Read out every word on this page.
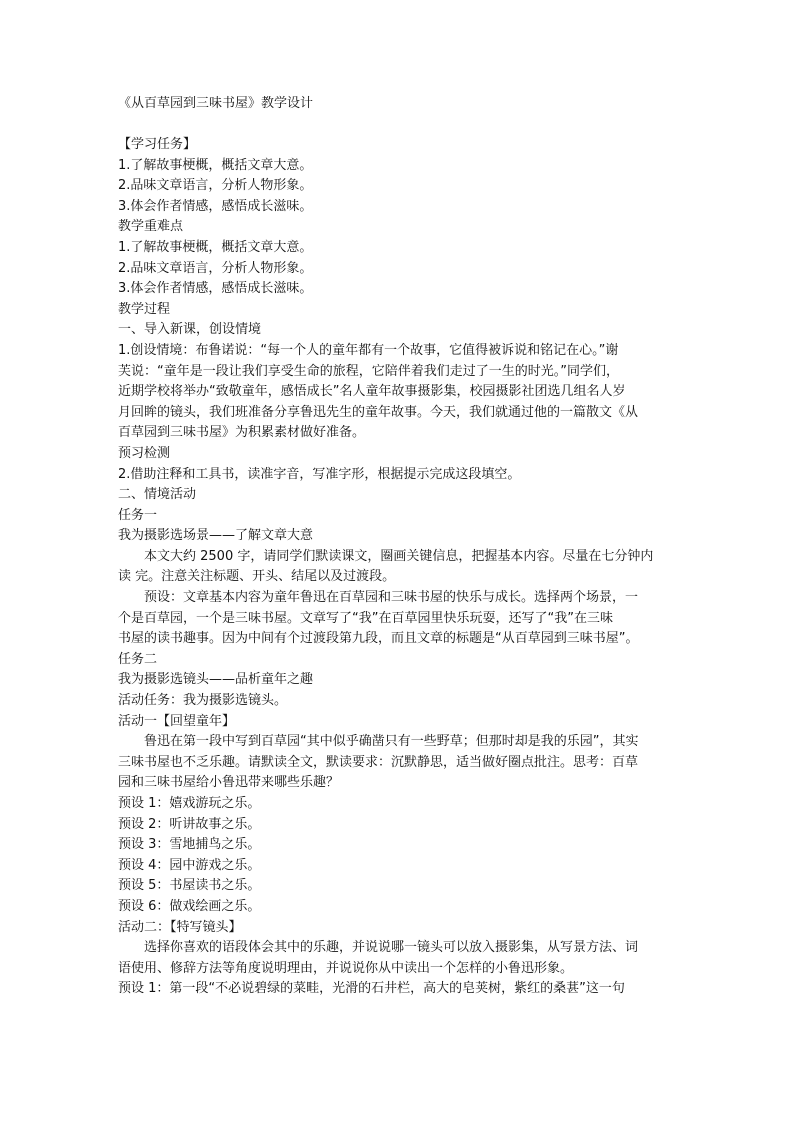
《从百草园到三味书屋》教学设计

【学习任务】

1.了解故事梗概，概括文章大意。

2.品味文章语言，分析人物形象。

3.体会作者情感，感悟成长滋味。

教学重难点

1.了解故事梗概，概括文章大意。

2.品味文章语言，分析人物形象。

3.体会作者情感，感悟成长滋味。

教学过程

一、导入新课，创设情境

1.创设情境：布鲁诺说：“每一个人的童年都有一个故事，它值得被诉说和铭记在心。”谢

芙说：“童年是一段让我们享受生命的旅程，它陪伴着我们走过了一生的时光。”同学们，

近期学校将举办“致敬童年，感悟成长”名人童年故事摄影集，校园摄影社团选几组名人岁

月回眸的镜头，我们班准备分享鲁迅先生的童年故事。今天，我们就通过他的一篇散文《从

百草园到三味书屋》为积累素材做好准备。

预习检测

2.借助注释和工具书，读准字音，写准字形，根据提示完成这段填空。

二、情境活动

任务一

我为摄影选场景——了解文章大意

本文大约 2500 字，请同学们默读课文，圈画关键信息，把握基本内容。尽量在七分钟内

读 完。注意关注标题、开头、结尾以及过渡段。

预设：文章基本内容为童年鲁迅在百草园和三味书屋的快乐与成长。选择两个场景，一

个是百草园，一个是三味书屋。文章写了“我”在百草园里快乐玩耍，还写了“我”在三味

书屋的读书趣事。因为中间有个过渡段第九段，而且文章的标题是“从百草园到三味书屋”。

任务二

我为摄影选镜头——品析童年之趣

活动任务：我为摄影选镜头。

活动一【回望童年】

鲁迅在第一段中写到百草园“其中似乎确凿只有一些野草；但那时却是我的乐园”，其实

三味书屋也不乏乐趣。请默读全文，默读要求：沉默静思，适当做好圈点批注。思考：百草

园和三味书屋给小鲁迅带来哪些乐趣？

预设 1：嬉戏游玩之乐。

预设 2：听讲故事之乐。

预设 3：雪地捕鸟之乐。

预设 4：园中游戏之乐。

预设 5：书屋读书之乐。

预设 6：做戏绘画之乐。

活动二：【特写镜头】

选择你喜欢的语段体会其中的乐趣，并说说哪一镜头可以放入摄影集，从写景方法、词

语使用、修辞方法等角度说明理由，并说说你从中读出一个怎样的小鲁迅形象。

预设 1：第一段“不必说碧绿的菜畦，光滑的石井栏，高大的皂荚树，紫红的桑葚”这一句
